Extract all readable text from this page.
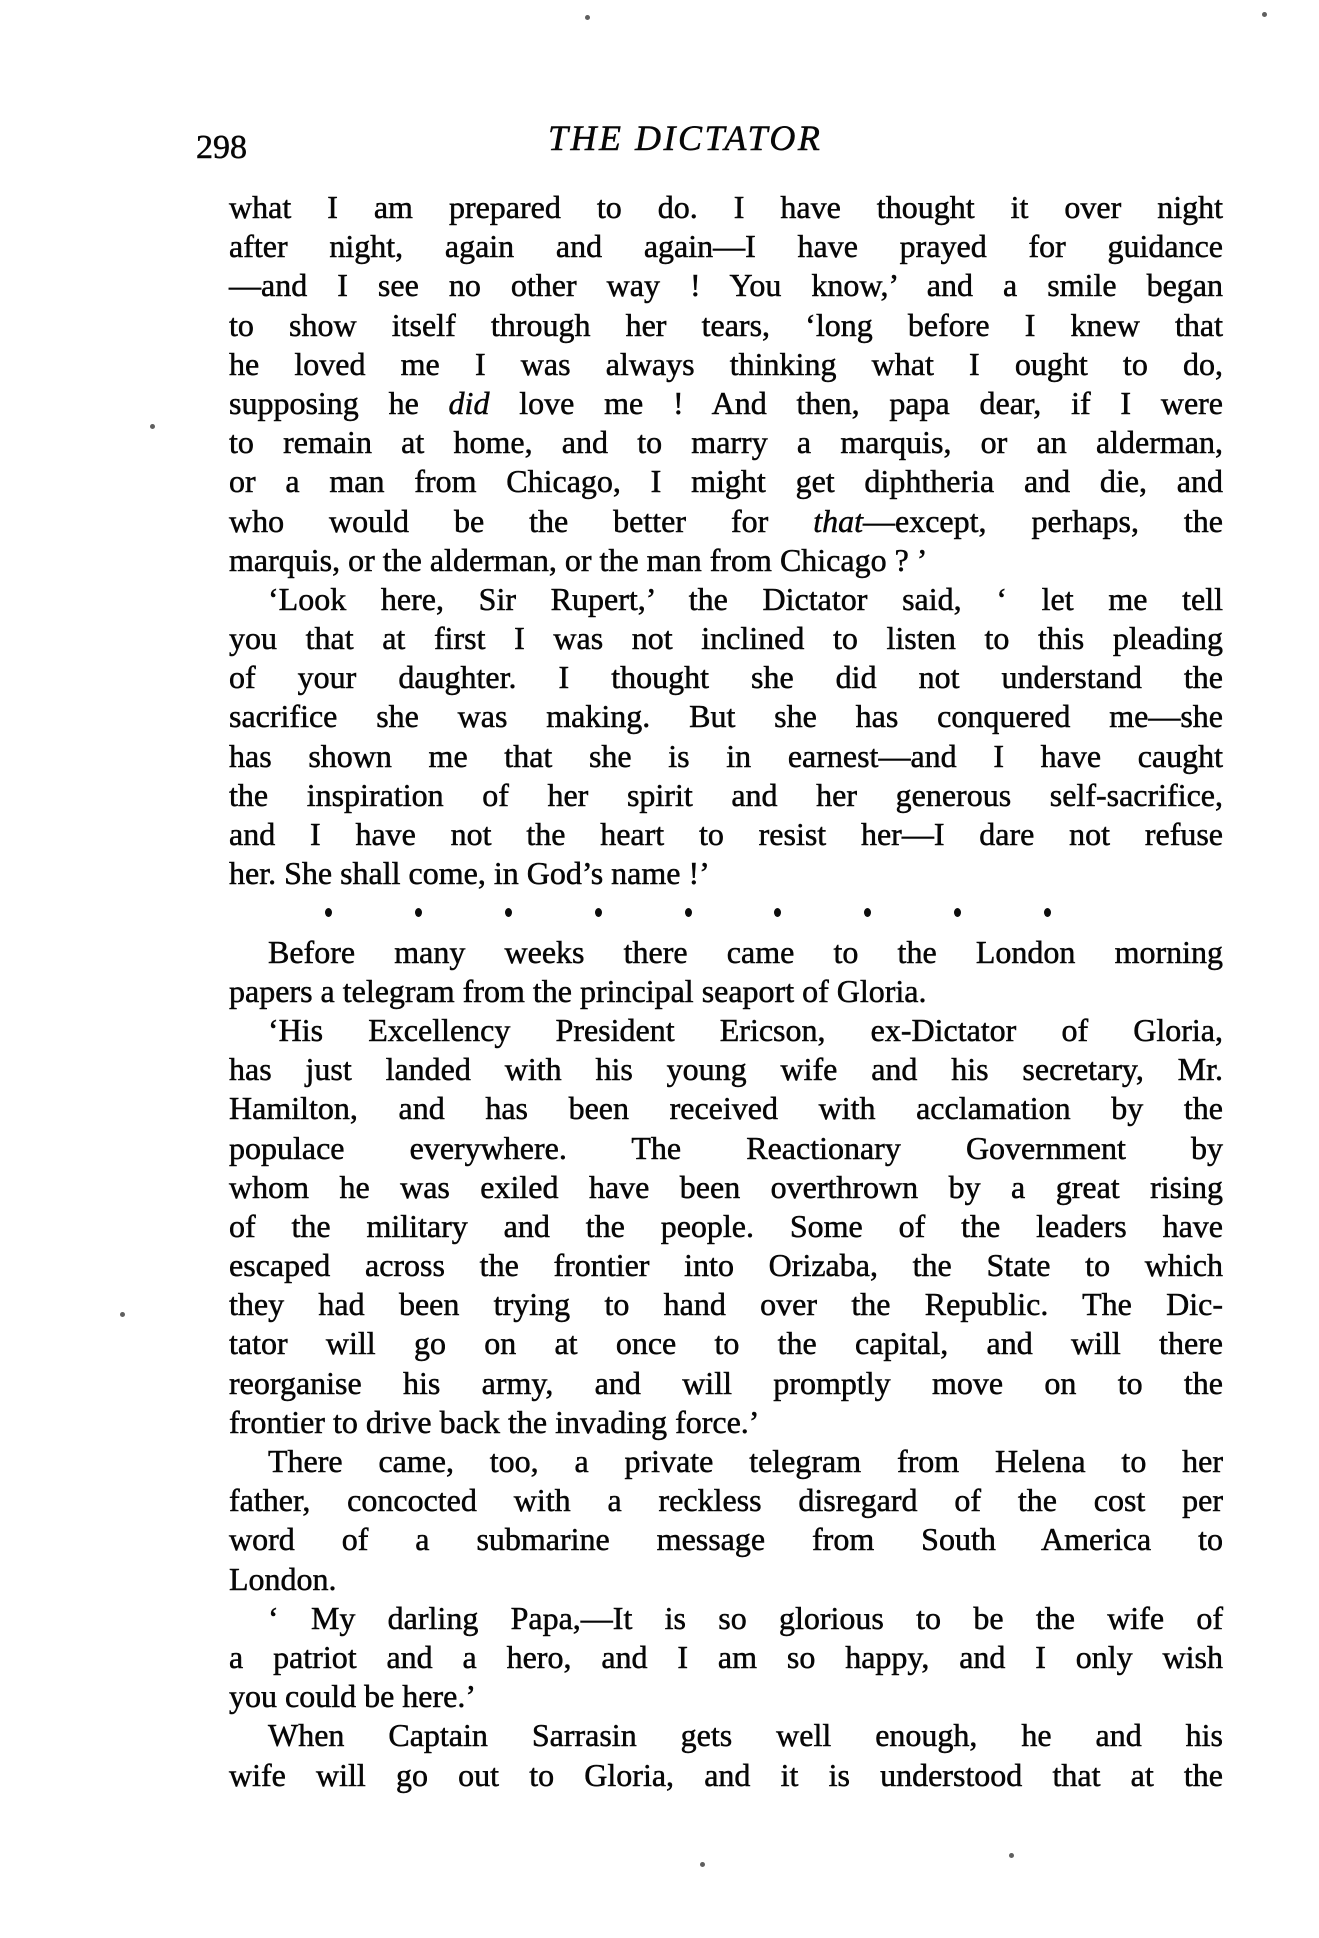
298	THE DICTATOR
what I am prepared to do. I have thought it over night
after night, again and again—I have prayed for guidance
—and I see no other way ! You know,’ and a smile began
to show itself through her tears, ‘long before I knew that
he loved me I was always thinking what I ought to do,
supposing he did love me ! And then, papa dear, if I were
to remain at home, and to marry a marquis, or an alderman,
or a man from Chicago, I might get diphtheria and die, and
who would be the better for that—except, perhaps, the
marquis, or the alderman, or the man from Chicago ? ’
‘Look here, Sir Rupert,’ the Dictator said, ‘ let me tell
you that at first I was not inclined to listen to this pleading
of your daughter. I thought she did not understand the
sacrifice she was making. But she has conquered me—she
has shown me that she is in earnest—and I have caught
the inspiration of her spirit and her generous self-sacrifice,
and I have not the heart to resist her—I dare not refuse
her. She shall come, in God’s name !’
Before many weeks there came to the London morning
papers a telegram from the principal seaport of Gloria.
‘His Excellency President Ericson, ex-Dictator of Gloria,
has just landed with his young wife and his secretary, Mr.
Hamilton, and has been received with acclamation by the
populace everywhere. The Reactionary Government by
whom he was exiled have been overthrown by a great rising
of the military and the people. Some of the leaders have
escaped across the frontier into Orizaba, the State to which
they had been trying to hand over the Republic. The Dic-
tator will go on at once to the capital, and will there
reorganise his army, and will promptly move on to the
frontier to drive back the invading force.’
There came, too, a private telegram from Helena to her
father, concocted with a reckless disregard of the cost per
word of a submarine message from South America to
London.
‘ My darling Papa,—It is so glorious to be the wife of
a patriot and a hero, and I am so happy, and I only wish
you could be here.’
When Captain Sarrasin gets well enough, he and his
wife will go out to Gloria, and it is understood that at the
